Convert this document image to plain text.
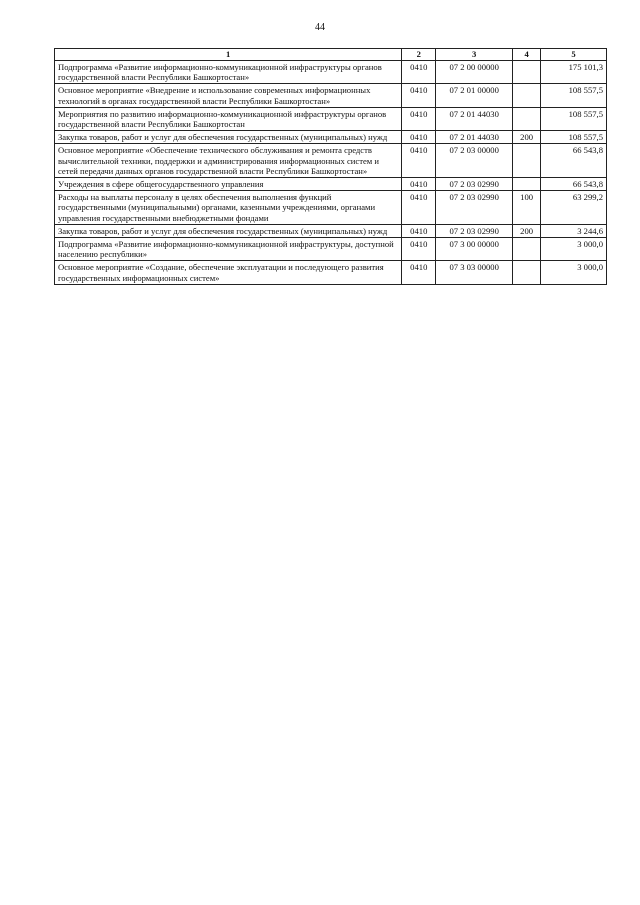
44
1	2	3	4	5
Подпрограмма «Развитие информационно-коммуникационной инфраструктуры органов государственной власти Республики Башкортостан»	0410	07 2 00 00000		175 101,3
Основное мероприятие «Внедрение и использование современных информационных технологий в органах государственной власти Республики Башкортостан»	0410	07 2 01 00000		108 557,5
Мероприятия по развитию информационно-коммуникационной инфраструктуры органов государственной власти Республики Башкортостан	0410	07 2 01 44030		108 557,5
Закупка товаров, работ и услуг для обеспечения государственных (муниципальных) нужд	0410	07 2 01 44030	200	108 557,5
Основное мероприятие «Обеспечение технического обслуживания и ремонта средств вычислительной техники, поддержки и администрирования информационных систем и сетей передачи данных органов государственной власти Республики Башкортостан»	0410	07 2 03 00000		66 543,8
Учреждения в сфере общегосударственного управления	0410	07 2 03 02990		66 543,8
Расходы на выплаты персоналу в целях обеспечения выполнения функций государственными (муниципальными) органами, казенными учреждениями, органами управления государственными внебюджетными фондами	0410	07 2 03 02990	100	63 299,2
Закупка товаров, работ и услуг для обеспечения государственных (муниципальных) нужд	0410	07 2 03 02990	200	3 244,6
Подпрограмма «Развитие информационно-коммуникационной инфраструктуры, доступной населению республики»	0410	07 3 00 00000		3 000,0
Основное мероприятие «Создание, обеспечение эксплуатации и последующего развития государственных информационных систем»	0410	07 3 03 00000		3 000,0
